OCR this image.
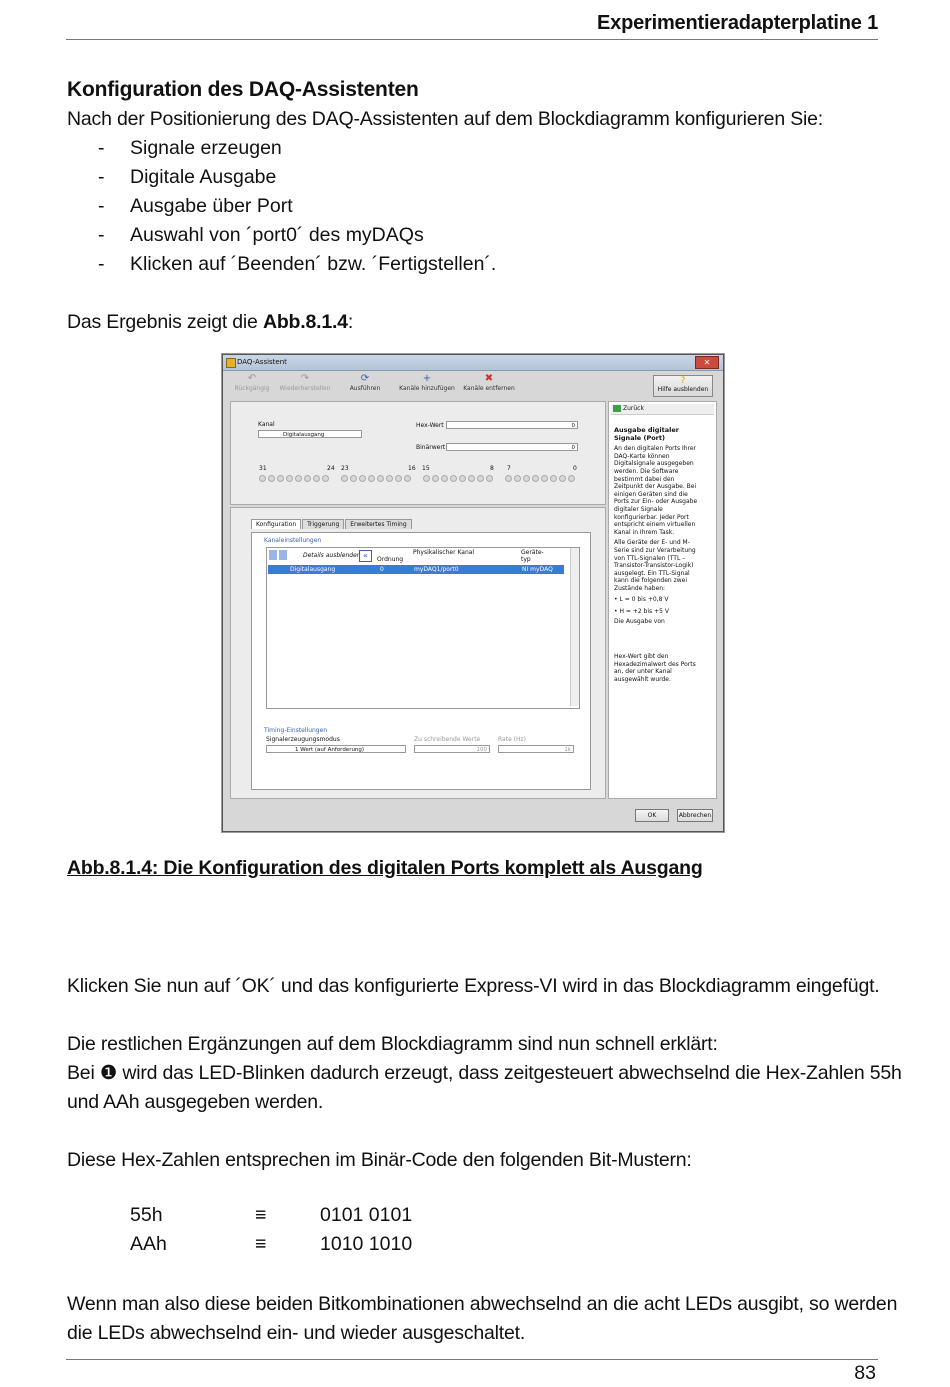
Experimentieradapterplatine 1
Konfiguration des DAQ-Assistenten
Nach der Positionierung des DAQ-Assistenten auf dem Blockdiagramm konfigurieren Sie:
- Signale erzeugen
- Digitale Ausgabe
- Ausgabe über Port
- Auswahl von ´port0´ des myDAQs
- Klicken auf ´Beenden´ bzw. ´Fertigstellen´.
Das Ergebnis zeigt die Abb.8.1.4:
DAQ-Assistent	✕
↶
Rückgängig
↷
Wiederherstellen
⟳
Ausführen
+
Kanäle hinzufügen
✖
Kanäle entfernen
?
Hilfe ausblenden
Kanal
Digitalausgang
Hex-Wert	0
Binärwert	0
31	24 23	16 15	8 7	0
Konfiguration Triggerung Erweitertes Timing
Kanaleinstellungen
Details ausblenden «	Ordnung
Physikalischer Kanal	Geräte-typ
Digitalausgang	0	myDAQ1/port0	NI myDAQ
Timing-Einstellungen
Signalerzeugungsmodus
1 Wert (auf Anforderung)
Zu schreibende Werte
100
Rate (Hz)
1k
Zurück
Ausgabe digitaler Signale (Port)
An den digitalen Ports Ihrer DAQ-Karte können Digitalsignale ausgegeben werden. Die Software bestimmt dabei den Zeitpunkt der Ausgabe. Bei einigen Geräten sind die Ports zur Ein- oder Ausgabe digitaler Signale konfigurierbar. Jeder Port entspricht einem virtuellen Kanal in Ihrem Task.
Alle Geräte der E- und M-Serie sind zur Verarbeitung von TTL-Signalen (TTL – Transistor-Transistor-Logik) ausgelegt. Ein TTL-Signal kann die folgenden zwei Zustände haben:
• L = 0 bis +0,8 V
• H = +2 bis +5 V
Die Ausgabe von
Hex-Wert gibt den Hexadezimalwert des Ports an, der unter Kanal ausgewählt wurde.
OK	Abbrechen
Abb.8.1.4: Die Konfiguration des digitalen Ports komplett als Ausgang
Klicken Sie nun auf ´OK´ und das konfigurierte Express-VI wird in das Blockdiagramm eingefügt.
Die restlichen Ergänzungen auf dem Blockdiagramm sind nun schnell erklärt:
Bei ❶ wird das LED-Blinken dadurch erzeugt, dass zeitgesteuert abwechselnd die Hex-Zahlen 55h
und AAh ausgegeben werden.
Diese Hex-Zahlen entsprechen im Binär-Code den folgenden Bit-Mustern:
55h	≡	0101 0101
AAh	≡	1010 1010
Wenn man also diese beiden Bitkombinationen abwechselnd an die acht LEDs ausgibt, so werden
die LEDs abwechselnd ein- und wieder ausgeschaltet.
83
